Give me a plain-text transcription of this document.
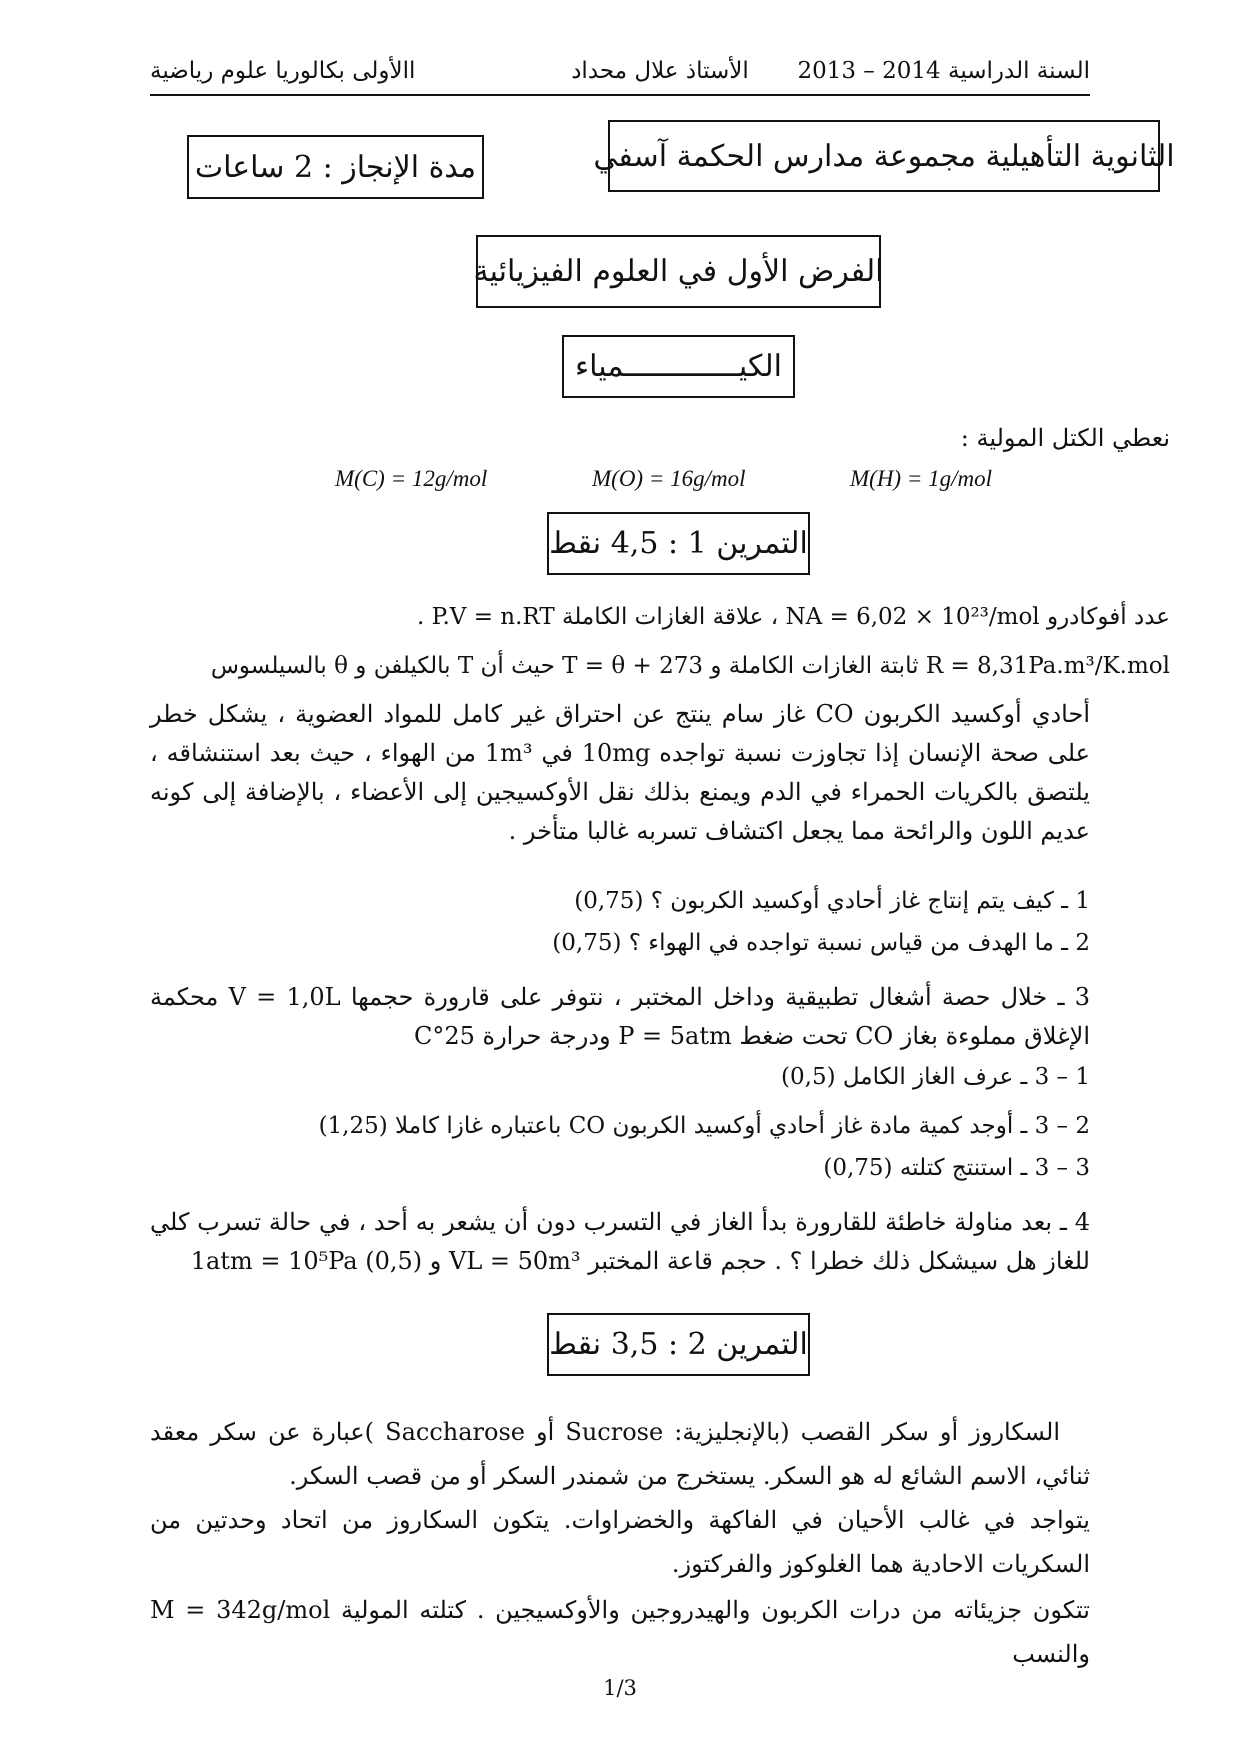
السنة الدراسية 2014 – 2013
الأستاذ علال محداد
االأولى بكالوريا علوم رياضية
الثانوية التأهيلية مجموعة مدارس الحكمة آسفي
مدة الإنجاز : 2 ساعات
الفرض الأول في العلوم الفيزيائية
الكيـــــــــــــمياء
نعطي الكتل المولية :
M(C) = 12g/mol	M(O) = 16g/mol	M(H) = 1g/mol
التمرين 1 : 4,5 نقط
عدد أفوكادرو NA = 6,02 × 10²³/mol ، علاقة الغازات الكاملة P.V = n.RT .
R = 8,31Pa.m³/K.mol ثابتة الغازات الكاملة و T = θ + 273 حيث أن T بالكيلفن و θ بالسيلسوس
أحادي أوكسيد الكربون CO غاز سام ينتج عن احتراق غير كامل للمواد العضوية ، يشكل خطر على صحة الإنسان إذا تجاوزت نسبة تواجده 10mg في 1m³ من الهواء ، حيث بعد استنشاقه ، يلتصق بالكريات الحمراء في الدم ويمنع بذلك نقل الأوكسيجين إلى الأعضاء ، بالإضافة إلى كونه عديم اللون والرائحة مما يجعل اكتشاف تسربه غالبا متأخر .
1 ـ كيف يتم إنتاج غاز أحادي أوكسيد الكربون ؟ (0,75)
2 ـ ما الهدف من قياس نسبة تواجده في الهواء ؟ (0,75)
3 ـ خلال حصة أشغال تطبيقية وداخل المختبر ، نتوفر على قارورة حجمها V = 1,0L محكمة الإغلاق مملوءة بغاز CO تحت ضغط P = 5atm ودرجة حرارة 25°C
1 – 3 ـ عرف الغاز الكامل (0,5)
2 – 3 ـ أوجد كمية مادة غاز أحادي أوكسيد الكربون CO باعتباره غازا كاملا (1,25)
3 – 3 ـ استنتج كتلته (0,75)
4 ـ بعد مناولة خاطئة للقارورة بدأ الغاز في التسرب دون أن يشعر به أحد ، في حالة تسرب كلي للغاز هل سيشكل ذلك خطرا ؟ . حجم قاعة المختبر VL = 50m³ و 1atm = 10⁵Pa (0,5)
التمرين 2 : 3,5 نقط
السكاروز أو سكر القصب (بالإنجليزية: Sucrose أو Saccharose )عبارة عن سكر معقد ثنائي، الاسم الشائع له هو السكر. يستخرج من شمندر السكر أو من قصب السكر.
يتواجد في غالب الأحيان في الفاكهة والخضراوات. يتكون السكاروز من اتحاد وحدتين من السكريات الاحادية هما الغلوكوز والفركتوز.
تتكون جزيئاته من درات الكربون والهيدروجين والأوكسيجين . كتلته المولية M = 342g/mol والنسب
1/3
